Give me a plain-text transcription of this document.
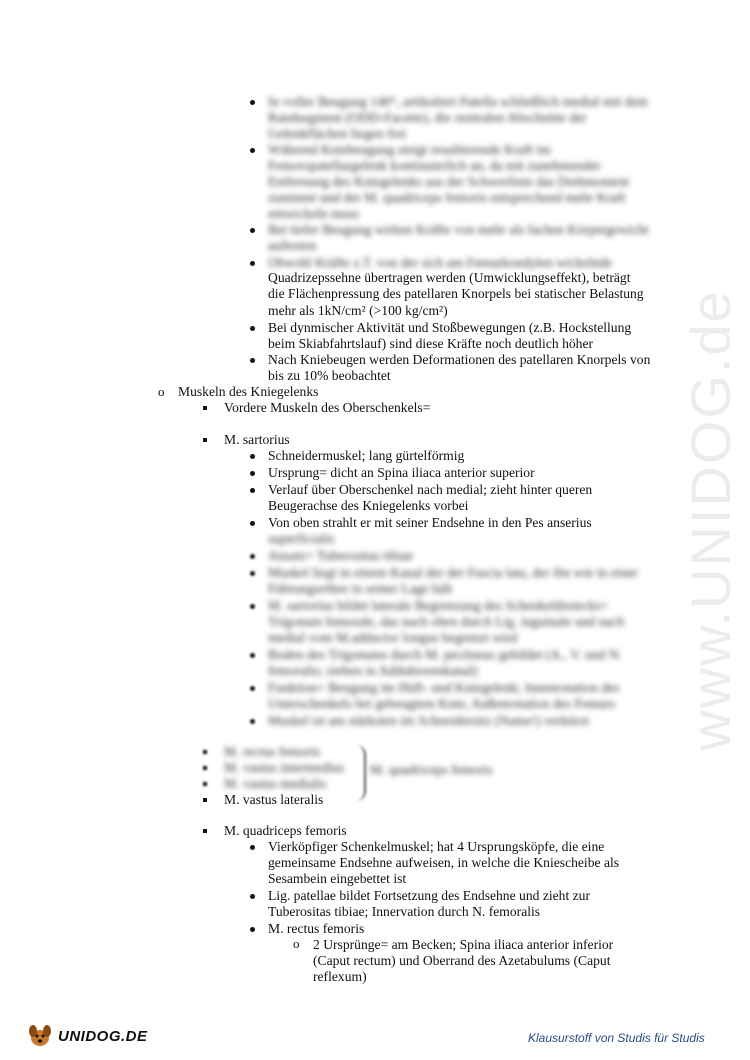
www.UNIDOG.de
In voller Beugung 140°, artikuliert Patella schließlich medial mit dem
Randsegment (ODD-Facette), die zentralen Abschnitte der
Gelenkflächen liegen frei
Während Kniebeugung steigt resultierende Kraft im
Femoropatellargelenk kontinuierlich an, da mit zunehmender
Entfernung des Kniegelenks aus der Schwerlinie das Drehmoment
zunimmt und der M. quadriceps femoris entsprechend mehr Kraft
entwickeln muss
Bei tiefer Beugung wirken Kräfte von mehr als fachen Körpergewicht
auftreten
Obwohl Kräfte z.T. von der sich am Femurkondylen wickelnde
Quadrizepssehne übertragen werden (Umwicklungseffekt), beträgt
die Flächenpressung des patellaren Knorpels bei statischer Belastung
mehr als 1kN/cm² (>100 kg/cm²)
Bei dynmischer Aktivität und Stoßbewegungen (z.B. Hockstellung
beim Skiabfahrtslauf) sind diese Kräfte noch deutlich höher
Nach Kniebeugen werden Deformationen des patellaren Knorpels von
bis zu 10% beobachtet
Muskeln des Kniegelenks
Vordere Muskeln des Oberschenkels=
M. sartorius
Schneidermuskel; lang gürtelförmig
Ursprung= dicht an Spina iliaca anterior superior
Verlauf über Oberschenkel nach medial; zieht hinter queren
Beugerachse des Kniegelenks vorbei
Von oben strahlt er mit seiner Endsehne in den Pes anserius
superficialis
Ansatz= Tuberositas tibiae
Muskel liegt in einem Kanal der der Fascia lata, der ihn wie in einer
Führungsröhre in seiner Lage hält
M. sartorius bildet laterale Begrenzung des Schenkeldreiecks=
Trigonum femorale, das nach oben durch Lig. inguinale und nach
medial vom M.adductor longus begrenzt wird
Boden des Trigonums durch M. pectineus gebildet (A., V. und N.
femoralis; ziehen in Adduktorenkanal)
Funktion= Beugung im Hüft- und Kniegelenk; Innenrotation des
Unterschenkels bei gebeugtem Knie; Außenrotation des Femurs
Muskel ist am stärksten im Schneidersitz (Name!) verkürzt
M. rectus femoris
M. vastus intermedius
M. vastus medialis
M. vastus lateralis
M. quadriceps femoris
M. quadriceps femoris
Vierköpfiger Schenkelmuskel; hat 4 Ursprungsköpfe, die eine
gemeinsame Endsehne aufweisen, in welche die Kniescheibe als
Sesambein eingebettet ist
Lig. patellae bildet Fortsetzung des Endsehne und zieht zur
Tuberositas tibiae; Innervation durch N. femoralis
M. rectus femoris
2 Ursprünge= am Becken; Spina iliaca anterior inferior
(Caput rectum) und Oberrand des Azetabulums (Caput
reflexum)
o
o
UNIDOG.DE	Klausurstoff von Studis für Studis
